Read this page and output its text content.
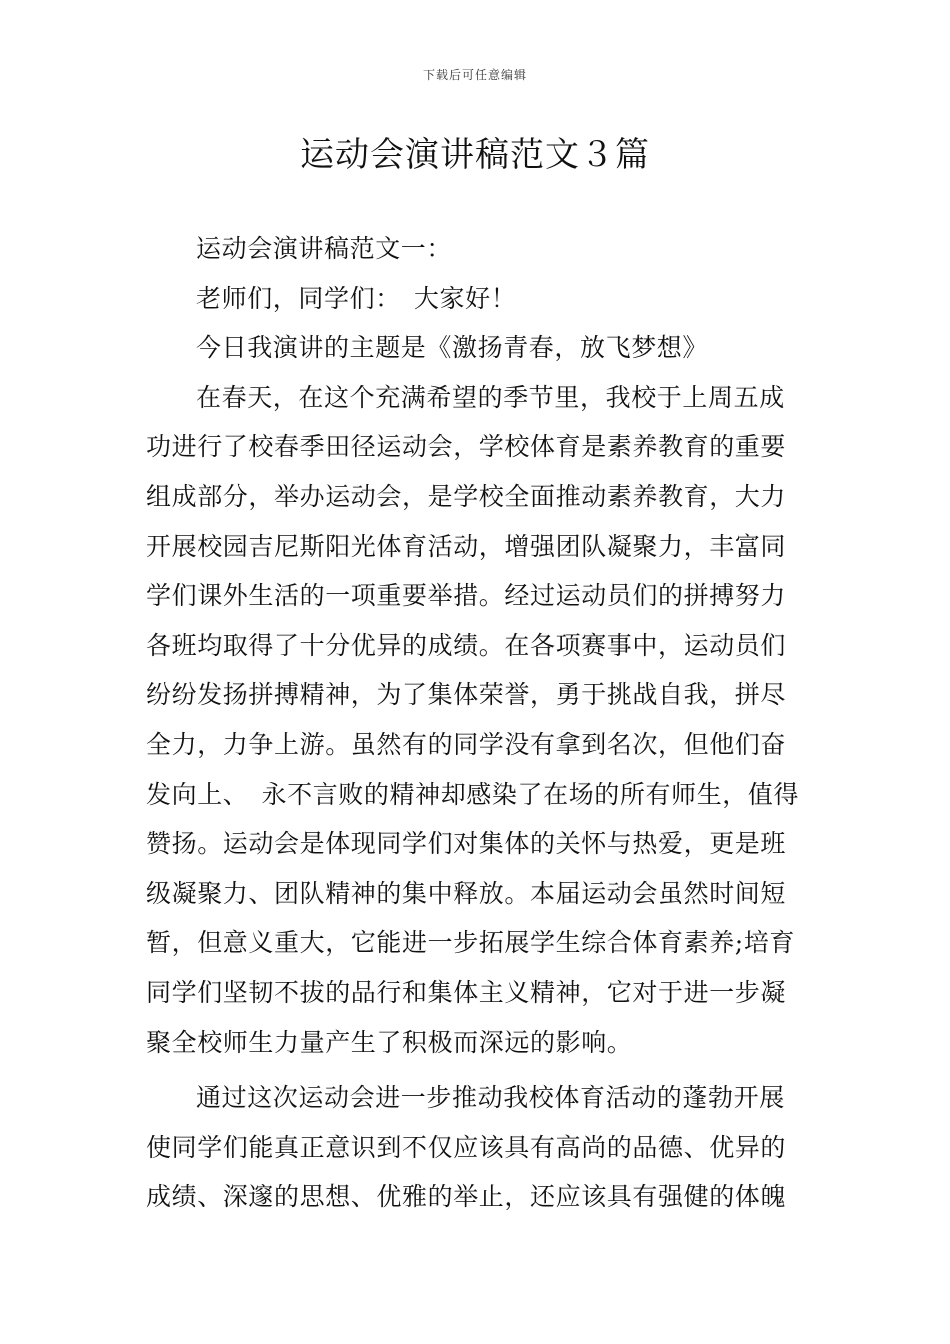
下载后可任意编辑
运动会演讲稿范文３篇
运动会演讲稿范文一：
老师们，同学们：　大家好！
今日我演讲的主题是《激扬青春，放飞梦想》
在春天，在这个充满希望的季节里，我校于上周五成
功进行了校春季田径运动会，学校体育是素养教育的重要
组成部分，举办运动会，是学校全面推动素养教育，大力
开展校园吉尼斯阳光体育活动，增强团队凝聚力，丰富同
学们课外生活的一项重要举措。经过运动员们的拼搏努力
各班均取得了十分优异的成绩。在各项赛事中，运动员们
纷纷发扬拼搏精神，为了集体荣誉，勇于挑战自我，拼尽
全力，力争上游。虽然有的同学没有拿到名次，但他们奋
发向上、　永不言败的精神却感染了在场的所有师生，值得
赞扬。运动会是体现同学们对集体的关怀与热爱，更是班
级凝聚力、团队精神的集中释放。本届运动会虽然时间短
暂，但意义重大，它能进一步拓展学生综合体育素养;培育
同学们坚韧不拔的品行和集体主义精神，它对于进一步凝
聚全校师生力量产生了积极而深远的影响。
通过这次运动会进一步推动我校体育活动的蓬勃开展
使同学们能真正意识到不仅应该具有高尚的品德、优异的
成绩、深邃的思想、优雅的举止，还应该具有强健的体魄
